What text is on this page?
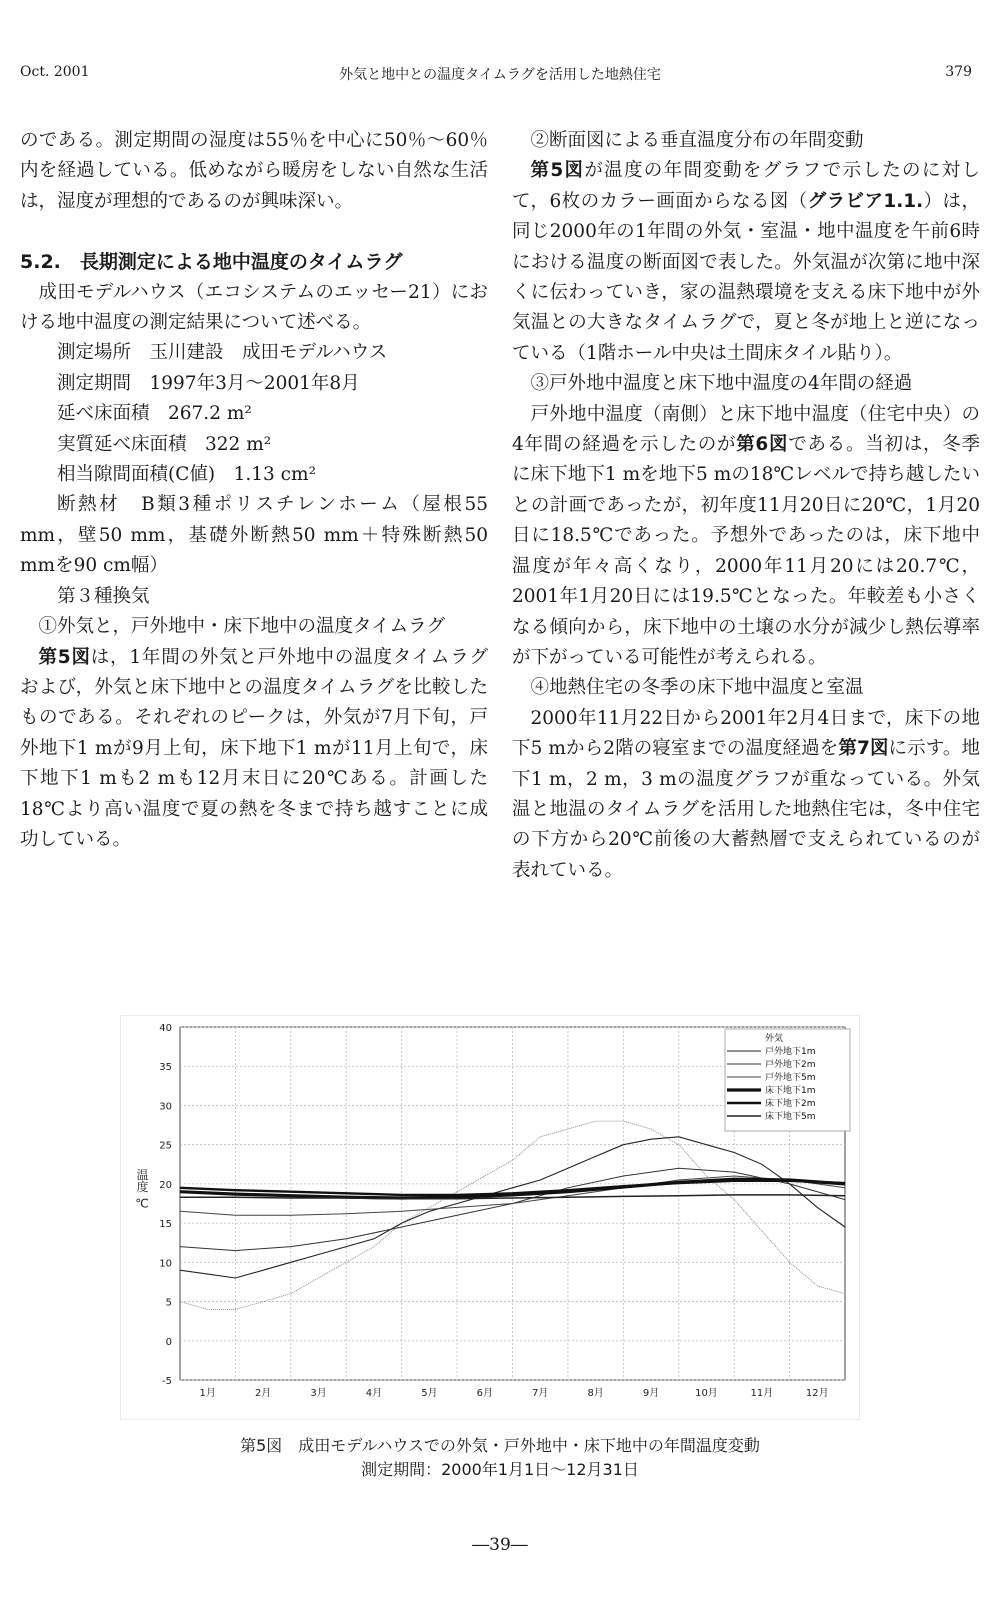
Oct. 2001	外気と地中との温度タイムラグを活用した地熱住宅	379

のである。測定期間の湿度は55％を中心に50％～60％内を経過している。低めながら暖房をしない自然な生活は，湿度が理想的であるのが興味深い。

5.2.　長期測定による地中温度のタイムラグ

成田モデルハウス（エコシステムのエッセー21）における地中温度の測定結果について述べる。

測定場所　玉川建設　成田モデルハウス

測定期間　1997年3月～2001年8月

延べ床面積　267.2 m²

実質延べ床面積　322 m²

相当隙間面積(C値)　1.13 cm²

断熱材　B類3種ポリスチレンホーム（屋根55 mm，壁50 mm，基礎外断熱50 mm＋特殊断熱50 mmを90 cm幅）

第３種換気

①外気と，戸外地中・床下地中の温度タイムラグ

第5図は，1年間の外気と戸外地中の温度タイムラグおよび，外気と床下地中との温度タイムラグを比較したものである。それぞれのピークは，外気が7月下旬，戸外地下1 mが9月上旬，床下地下1 mが11月上旬で，床下地下1 mも2 mも12月末日に20℃ある。計画した18℃より高い温度で夏の熱を冬まで持ち越すことに成功している。

②断面図による垂直温度分布の年間変動

第5図が温度の年間変動をグラフで示したのに対して，6枚のカラー画面からなる図（グラビア1.1.）は，同じ2000年の1年間の外気・室温・地中温度を午前6時における温度の断面図で表した。外気温が次第に地中深くに伝わっていき，家の温熱環境を支える床下地中が外気温との大きなタイムラグで，夏と冬が地上と逆になっている（1階ホール中央は土間床タイル貼り）。

③戸外地中温度と床下地中温度の4年間の経過

戸外地中温度（南側）と床下地中温度（住宅中央）の4年間の経過を示したのが第6図である。当初は，冬季に床下地下1 mを地下5 mの18℃レベルで持ち越したいとの計画であったが，初年度11月20日に20℃，1月20日に18.5℃であった。予想外であったのは，床下地中温度が年々高くなり，2000年11月20には20.7℃，2001年1月20日には19.5℃となった。年較差も小さくなる傾向から，床下地中の土壌の水分が減少し熱伝導率が下がっている可能性が考えられる。

④地熱住宅の冬季の床下地中温度と室温

2000年11月22日から2001年2月4日まで，床下の地下5 mから2階の寝室までの温度経過を第7図に示す。地下1 m，2 m，3 mの温度グラフが重なっている。外気温と地温のタイムラグを活用した地熱住宅は，冬中住宅の下方から20℃前後の大蓄熱層で支えられているのが表れている。

-5
0
5
10
15
20
25
30
35
40
1月	2月	3月	4月	5月	6月	7月	8月	9月	10月	11月	12月
温度 ℃
外気
戸外地下1m
戸外地下2m
戸外地下5m
床下地下1m
床下地下2m
床下地下5m
第5図　成田モデルハウスでの外気・戸外地中・床下地中の年間温度変動
測定期間：2000年1月1日～12月31日
―39―
